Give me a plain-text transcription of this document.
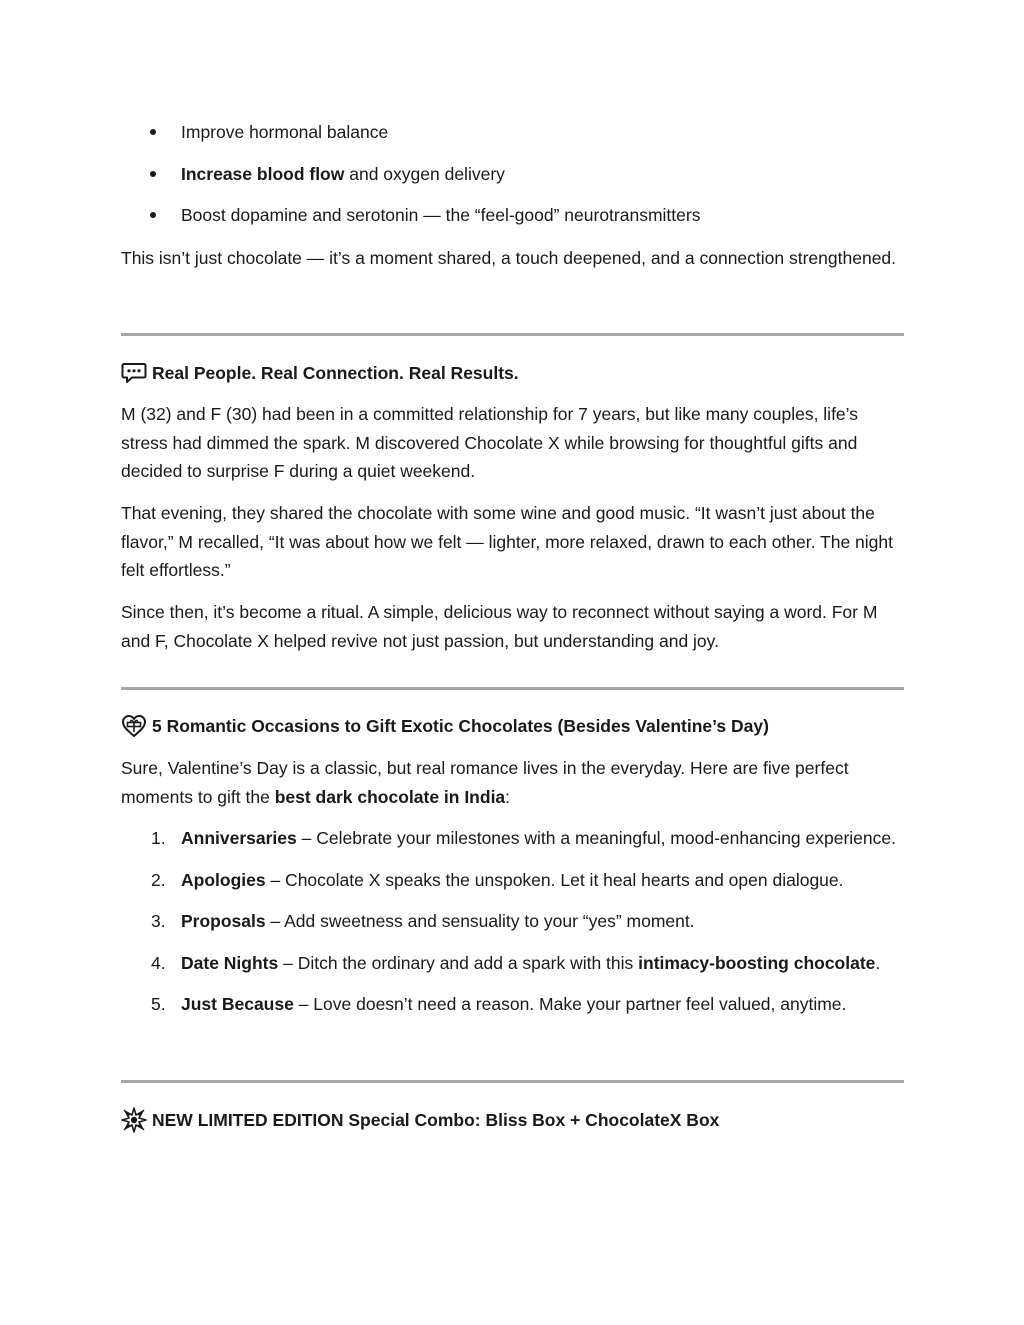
Improve hormonal balance
Increase blood flow and oxygen delivery
Boost dopamine and serotonin — the “feel-good” neurotransmitters

This isn’t just chocolate — it’s a moment shared, a touch deepened, and a connection strengthened.

Real People. Real Connection. Real Results.

M (32) and F (30) had been in a committed relationship for 7 years, but like many couples, life’s stress had dimmed the spark. M discovered Chocolate X while browsing for thoughtful gifts and decided to surprise F during a quiet weekend.

That evening, they shared the chocolate with some wine and good music. “It wasn’t just about the flavor,” M recalled, “It was about how we felt — lighter, more relaxed, drawn to each other. The night felt effortless.”

Since then, it’s become a ritual. A simple, delicious way to reconnect without saying a word. For M and F, Chocolate X helped revive not just passion, but understanding and joy.

5 Romantic Occasions to Gift Exotic Chocolates (Besides Valentine’s Day)

Sure, Valentine’s Day is a classic, but real romance lives in the everyday. Here are five perfect moments to gift the best dark chocolate in India:

1. Anniversaries – Celebrate your milestones with a meaningful, mood-enhancing experience.
2. Apologies – Chocolate X speaks the unspoken. Let it heal hearts and open dialogue.
3. Proposals – Add sweetness and sensuality to your “yes” moment.
4. Date Nights – Ditch the ordinary and add a spark with this intimacy-boosting chocolate.
5. Just Because – Love doesn’t need a reason. Make your partner feel valued, anytime.
NEW LIMITED EDITION Special Combo: Bliss Box + ChocolateX Box
